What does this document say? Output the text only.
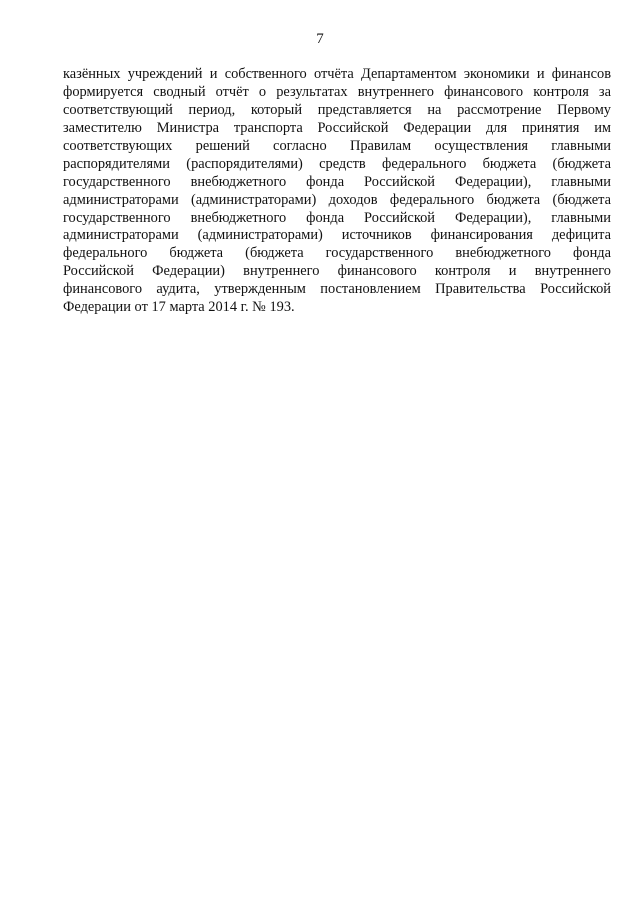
7
казённых учреждений и собственного отчёта Департаментом экономики и финансов
формируется сводный отчёт о результатах внутреннего финансового контроля за
соответствующий период, который представляется на рассмотрение Первому
заместителю Министра транспорта Российской Федерации для принятия им
соответствующих решений согласно Правилам осуществления главными
распорядителями (распорядителями) средств федерального бюджета (бюджета
государственного внебюджетного фонда Российской Федерации), главными
администраторами (администраторами) доходов федерального бюджета (бюджета
государственного внебюджетного фонда Российской Федерации), главными
администраторами (администраторами) источников финансирования дефицита
федерального бюджета (бюджета государственного внебюджетного фонда
Российской Федерации) внутреннего финансового контроля и внутреннего
финансового аудита, утвержденным постановлением Правительства Российской
Федерации от 17 марта 2014 г. № 193.
